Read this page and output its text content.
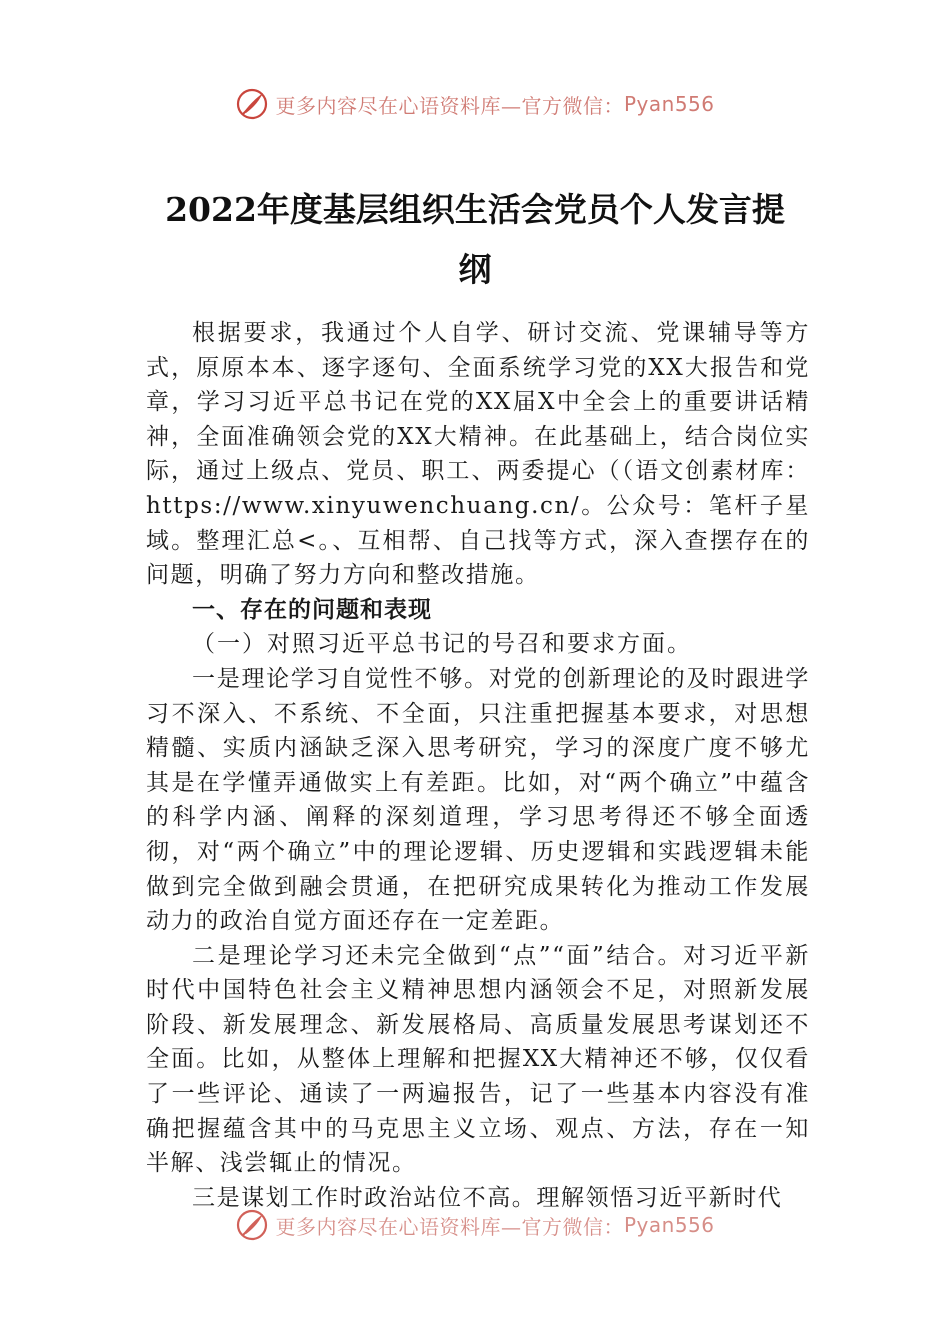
更多内容尽在心语资料库—官方微信： Pyan556
2022年度基层组织生活会党员个人发言提
纲

根据要求，我通过个人自学、研讨交流、党课辅导等方式，原原本本、逐字逐句、全面系统学习党的XX大报告和党章，学习习近平总书记在党的XX届X中全会上的重要讲话精神，全面准确领会党的XX大精神。在此基础上，结合岗位实际，通过上级点、党员、职工、两委提心（（语文创素材库：https://www.xinyuwenchuang.cn/。公众号：笔杆子星域。整理汇总<。、互相帮、自己找等方式，深入查摆存在的问题，明确了努力方向和整改措施。

一、存在的问题和表现

（一）对照习近平总书记的号召和要求方面。

一是理论学习自觉性不够。对党的创新理论的及时跟进学习不深入、不系统、不全面，只注重把握基本要求，对思想精髓、实质内涵缺乏深入思考研究，学习的深度广度不够尤其是在学懂弄通做实上有差距。比如，对“两个确立”中蕴含的科学内涵、阐释的深刻道理，学习思考得还不够全面透彻，对“两个确立”中的理论逻辑、历史逻辑和实践逻辑未能做到完全做到融会贯通，在把研究成果转化为推动工作发展动力的政治自觉方面还存在一定差距。

二是理论学习还未完全做到“点”“面”结合。对习近平新时代中国特色社会主义精神思想内涵领会不足，对照新发展阶段、新发展理念、新发展格局、高质量发展思考谋划还不全面。比如，从整体上理解和把握XX大精神还不够，仅仅看了一些评论、通读了一两遍报告，记了一些基本内容没有准确把握蕴含其中的马克思主义立场、观点、方法，存在一知半解、浅尝辄止的情况。

三是谋划工作时政治站位不高。理解领悟习近平新时代

更多内容尽在心语资料库—官方微信： Pyan556
